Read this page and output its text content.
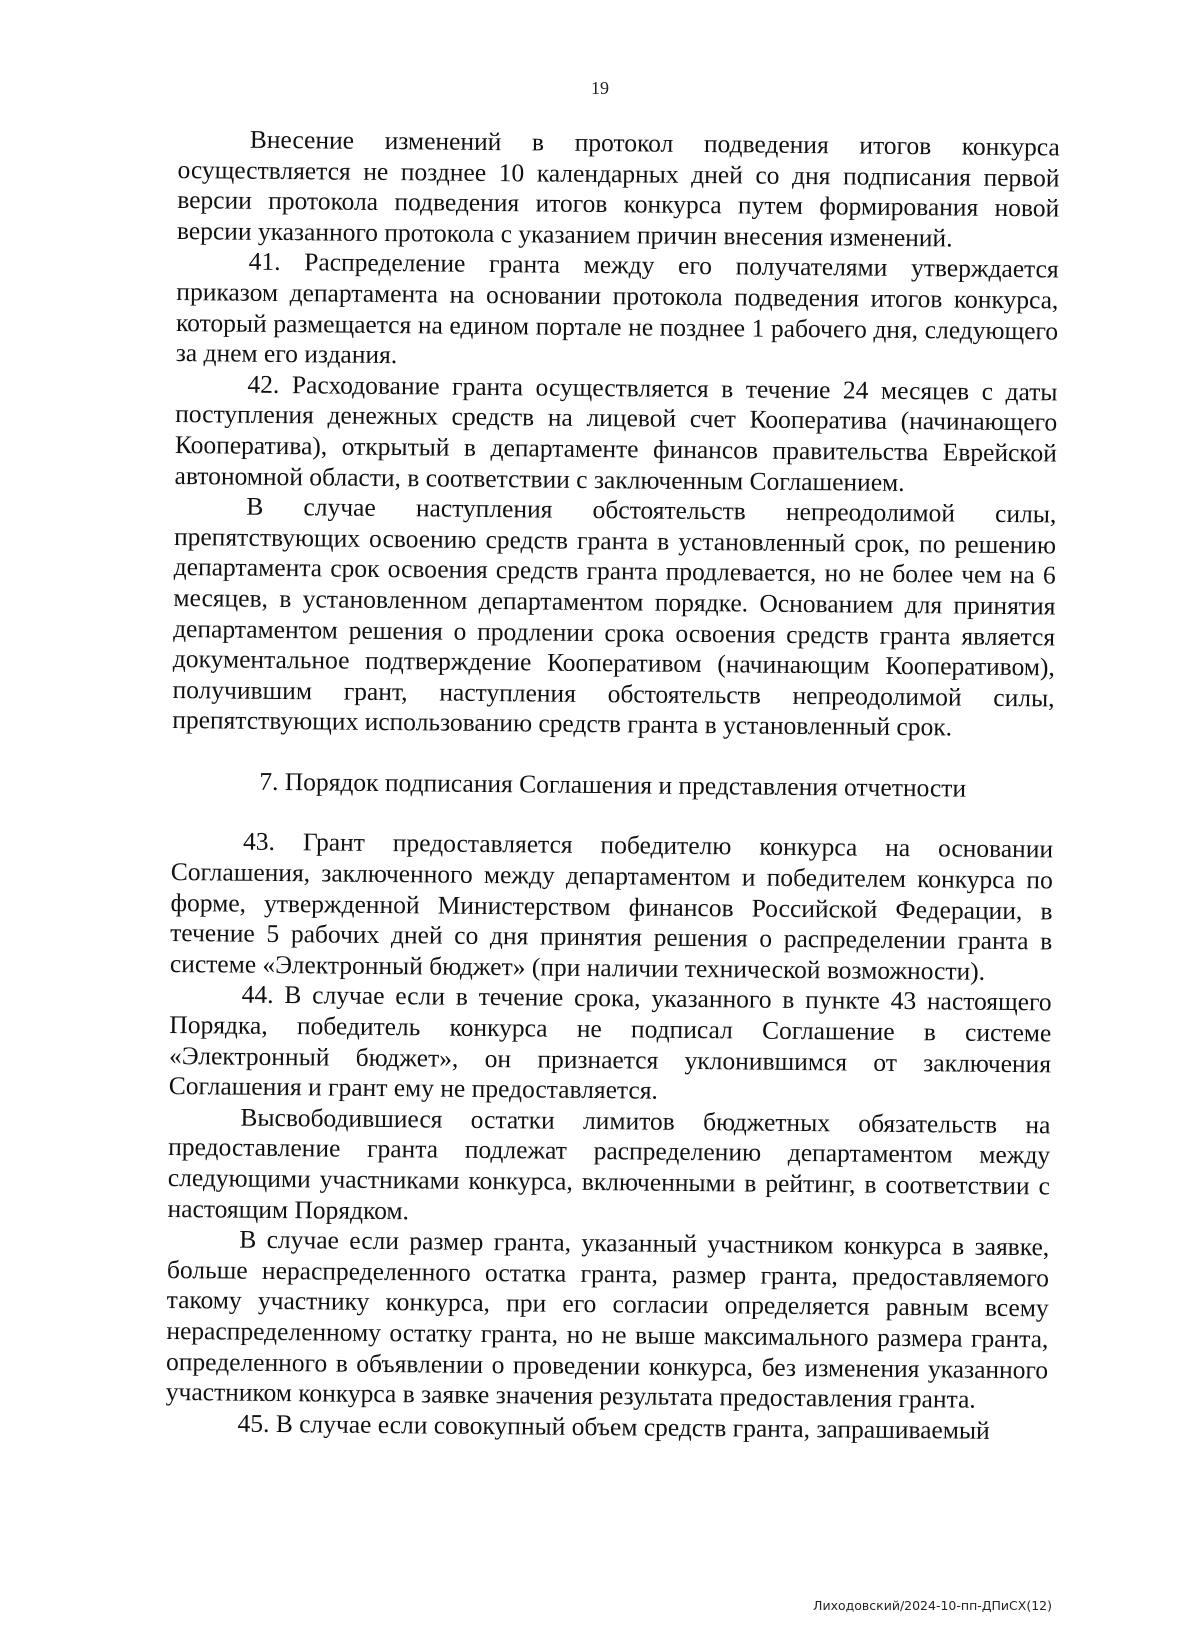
19

Внесение изменений в протокол подведения итогов конкурса осуществляется не позднее 10 календарных дней со дня подписания первой версии протокола подведения итогов конкурса путем формирования новой версии указанного протокола с указанием причин внесения изменений.

41. Распределение гранта между его получателями утверждается приказом департамента на основании протокола подведения итогов конкурса, который размещается на едином портале не позднее 1 рабочего дня, следующего за днем его издания.

42. Расходование гранта осуществляется в течение 24 месяцев с даты поступления денежных средств на лицевой счет Кооператива (начинающего Кооператива), открытый в департаменте финансов правительства Еврейской автономной области, в соответствии с заключенным Соглашением.

В случае наступления обстоятельств непреодолимой силы, препятствующих освоению средств гранта в установленный срок, по решению департамента срок освоения средств гранта продлевается, но не более чем на 6 месяцев, в установленном департаментом порядке. Основанием для принятия департаментом решения о продлении срока освоения средств гранта является документальное подтверждение Кооперативом (начинающим Кооперативом), получившим грант, наступления обстоятельств непреодолимой силы, препятствующих использованию средств гранта в установленный срок.

7. Порядок подписания Соглашения и представления отчетности

43. Грант предоставляется победителю конкурса на основании Соглашения, заключенного между департаментом и победителем конкурса по форме, утвержденной Министерством финансов Российской Федерации, в течение 5 рабочих дней со дня принятия решения о распределении гранта в системе «Электронный бюджет» (при наличии технической возможности).

44. В случае если в течение срока, указанного в пункте 43 настоящего Порядка, победитель конкурса не подписал Соглашение в системе «Электронный бюджет», он признается уклонившимся от заключения Соглашения и грант ему не предоставляется.

Высвободившиеся остатки лимитов бюджетных обязательств на предоставление гранта подлежат распределению департаментом между следующими участниками конкурса, включенными в рейтинг, в соответствии с настоящим Порядком.

В случае если размер гранта, указанный участником конкурса в заявке, больше нераспределенного остатка гранта, размер гранта, предоставляемого такому участнику конкурса, при его согласии определяется равным всему нераспределенному остатку гранта, но не выше максимального размера гранта, определенного в объявлении о проведении конкурса, без изменения указанного участником конкурса в заявке значения результата предоставления гранта.

45. В случае если совокупный объем средств гранта, запрашиваемый

Лиходовский/2024-10-пп-ДПиСХ(12)
